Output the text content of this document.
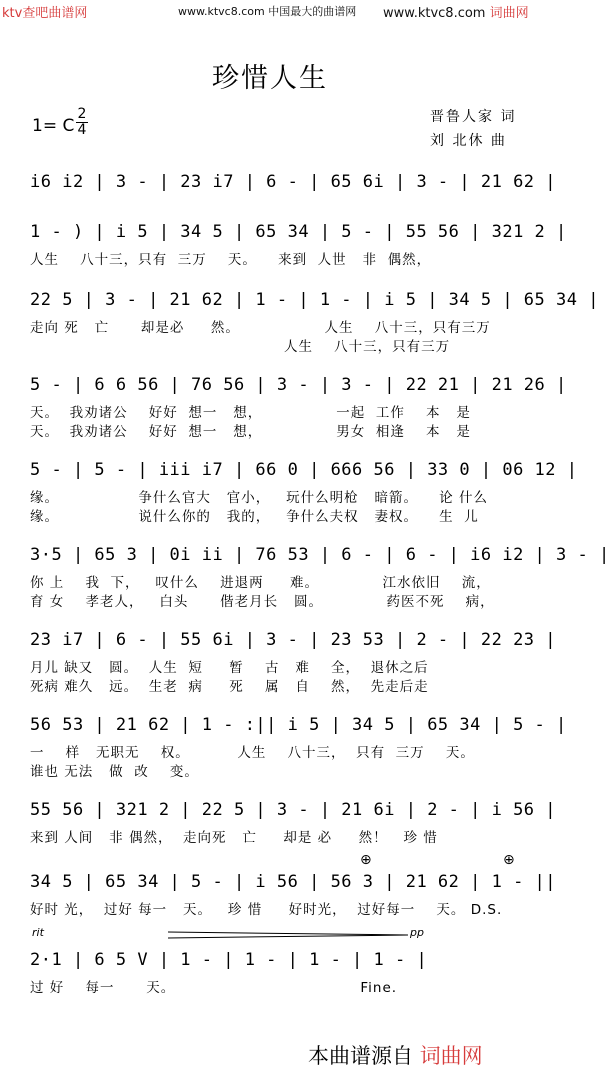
ktv查吧曲谱网	www.ktvc8.com 中国最大的曲谱网 www.ktvc8.com 词曲网
珍惜人生
1= C
2
4
晋鲁人家 词
刘 北休 曲
i6 i2 | 3 - | 23 i7 | 6 - | 65 6i | 3 - | 21 62 |
1 - ) | i 5 | 34 5 | 65 34 | 5 - | 55 56 | 321 2 |
人生    八十三，只有  三万    天。    来到  人世   非  偶然，
22 5 | 3 - | 21 62 | 1 - | 1 - | i 5 | 34 5 | 65 34 |
走向 死   亡      却是必     然。                人生    八十三，只有三万
人生    八十三，只有三万
5 - | 6 6 56 | 76 56 | 3 - | 3 - | 22 21 | 21 26 |
天。  我劝诸公    好好  想一   想，              一起  工作    本   是
天。  我劝诸公    好好  想一   想，              男女  相逢    本   是
5 - | 5 - | iii i7 | 66 0 | 666 56 | 33 0 | 06 12 |
缘。               争什么官大   官小，   玩什么明枪   暗箭。    论 什么
缘。               说什么你的   我的，   争什么夫权   妻权。    生  儿
3·5 | 65 3 | 0i ii | 76 53 | 6 - | 6 - | i6 i2 | 3 - |
你 上    我  下，   叹什么    进退两     难。            江水依旧    流，
育 女    孝老人，   白头      偕老月长   圆。            药医不死    病，
23 i7 | 6 - | 55 6i | 3 - | 23 53 | 2 - | 22 23 |
月儿 缺又   圆。  人生  短     暂    古   难    全，  退休之后
死病 难久   远。  生老  病     死    属   自    然，  先走后走
56 53 | 21 62 | 1 - :|| i 5 | 34 5 | 65 34 | 5 - |
一    样   无职无    权。         人生    八十三，  只有  三万    天。
谁也 无法   做  改    变。
55 56 | 321 2 | 22 5 | 3 - | 21 6i | 2 - | i 56 |
来到 人间   非 偶然，  走向死   亡     却是 必     然！   珍 惜
⊕	⊕
34 5 | 65 34 | 5 - | i 56 | 56 3 | 21 62 | 1 - ||
好时 光，  过好 每一   天。   珍 惜     好时光，  过好每一    天。 D.S.
rit	pp
2·1 | 6 5 V | 1 - | 1 - | 1 - | 1 - |
过 好    每一      天。                                   Fine.
本曲谱源自 词曲网
